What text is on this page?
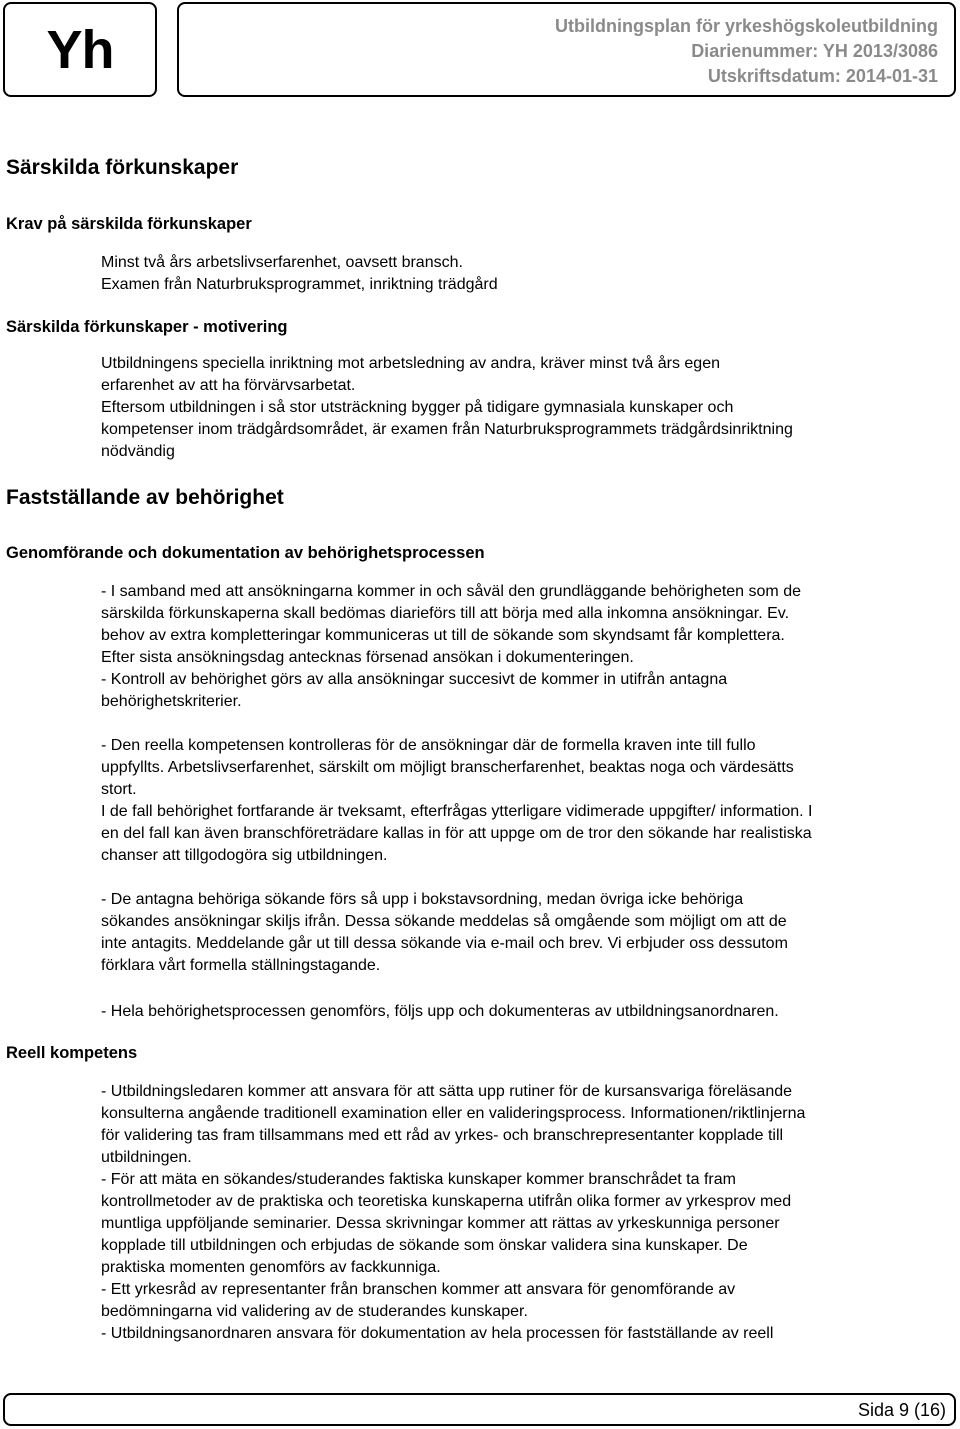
Yh	Utbildningsplan för yrkeshögskoleutbildning
Diarienummer: YH 2013/3086
Utskriftsdatum: 2014-01-31
Särskilda förkunskaper
Krav på särskilda förkunskaper
Minst två års arbetslivserfarenhet, oavsett bransch.
Examen från Naturbruksprogrammet, inriktning trädgård
Särskilda förkunskaper - motivering
Utbildningens speciella inriktning mot arbetsledning av andra, kräver minst två års egen
erfarenhet av att ha förvärvsarbetat.
Eftersom utbildningen i så stor utsträckning bygger på tidigare gymnasiala kunskaper och
kompetenser inom trädgårdsområdet, är examen från Naturbruksprogrammets trädgårdsinriktning
nödvändig
Fastställande av behörighet
Genomförande och dokumentation av behörighetsprocessen
- I samband med att ansökningarna kommer in och såväl den grundläggande behörigheten som de
särskilda förkunskaperna skall bedömas diarieförs till att börja med alla inkomna ansökningar. Ev.
behov av extra kompletteringar kommuniceras ut till de sökande som skyndsamt får komplettera.
Efter sista ansökningsdag antecknas försenad ansökan i dokumenteringen.
- Kontroll av behörighet görs av alla ansökningar succesivt de kommer in utifrån antagna
behörighetskriterier.
- Den reella kompetensen kontrolleras för de ansökningar där de formella kraven inte till fullo
uppfyllts. Arbetslivserfarenhet, särskilt om möjligt branscherfarenhet, beaktas noga och värdesätts
stort.
I de fall behörighet fortfarande är tveksamt, efterfrågas ytterligare vidimerade uppgifter/ information. I
en del fall kan även branschföreträdare kallas in för att uppge om de tror den sökande har realistiska
chanser att tillgodogöra sig utbildningen.
- De antagna behöriga sökande förs så upp i bokstavsordning, medan övriga icke behöriga
sökandes ansökningar skiljs ifrån. Dessa sökande meddelas så omgående som möjligt om att de
inte antagits. Meddelande går ut till dessa sökande via e-mail och brev. Vi erbjuder oss dessutom
förklara vårt formella ställningstagande.
- Hela behörighetsprocessen genomförs, följs upp och dokumenteras av utbildningsanordnaren.
Reell kompetens
- Utbildningsledaren kommer att ansvara för att sätta upp rutiner för de kursansvariga föreläsande
konsulterna angående traditionell examination eller en valideringsprocess. Informationen/riktlinjerna
för validering tas fram tillsammans med ett råd av yrkes- och branschrepresentanter kopplade till
utbildningen.
- För att mäta en sökandes/studerandes faktiska kunskaper kommer branschrådet ta fram
kontrollmetoder av de praktiska och teoretiska kunskaperna utifrån olika former av yrkesprov med
muntliga uppföljande seminarier. Dessa skrivningar kommer att rättas av yrkeskunniga personer
kopplade till utbildningen och erbjudas de sökande som önskar validera sina kunskaper. De
praktiska momenten genomförs av fackkunniga.
- Ett yrkesråd av representanter från branschen kommer att ansvara för genomförande av
bedömningarna vid validering av de studerandes kunskaper.
- Utbildningsanordnaren ansvara för dokumentation av hela processen för fastställande av reell
Sida 9 (16)
